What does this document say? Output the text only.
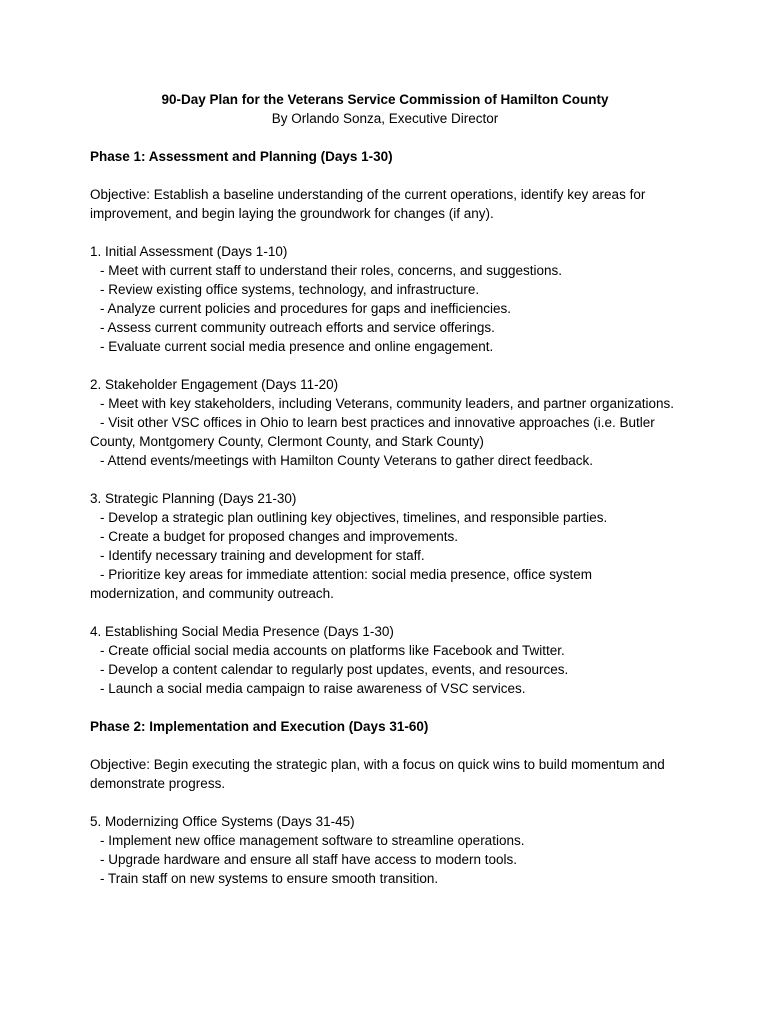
90-Day Plan for the Veterans Service Commission of Hamilton County
By Orlando Sonza, Executive Director
Phase 1: Assessment and Planning (Days 1-30)
Objective: Establish a baseline understanding of the current operations, identify key areas for improvement, and begin laying the groundwork for changes (if any).
1. Initial Assessment (Days 1-10)
- Meet with current staff to understand their roles, concerns, and suggestions.
- Review existing office systems, technology, and infrastructure.
- Analyze current policies and procedures for gaps and inefficiencies.
- Assess current community outreach efforts and service offerings.
- Evaluate current social media presence and online engagement.
2. Stakeholder Engagement (Days 11-20)
- Meet with key stakeholders, including Veterans, community leaders, and partner organizations.
- Visit other VSC offices in Ohio to learn best practices and innovative approaches (i.e. Butler County, Montgomery County, Clermont County, and Stark County)
- Attend events/meetings with Hamilton County Veterans to gather direct feedback.
3. Strategic Planning (Days 21-30)
- Develop a strategic plan outlining key objectives, timelines, and responsible parties.
- Create a budget for proposed changes and improvements.
- Identify necessary training and development for staff.
- Prioritize key areas for immediate attention: social media presence, office system modernization, and community outreach.
4. Establishing Social Media Presence (Days 1-30)
- Create official social media accounts on platforms like Facebook and Twitter.
- Develop a content calendar to regularly post updates, events, and resources.
- Launch a social media campaign to raise awareness of VSC services.
Phase 2: Implementation and Execution (Days 31-60)
Objective: Begin executing the strategic plan, with a focus on quick wins to build momentum and demonstrate progress.
5. Modernizing Office Systems (Days 31-45)
- Implement new office management software to streamline operations.
- Upgrade hardware and ensure all staff have access to modern tools.
- Train staff on new systems to ensure smooth transition.
